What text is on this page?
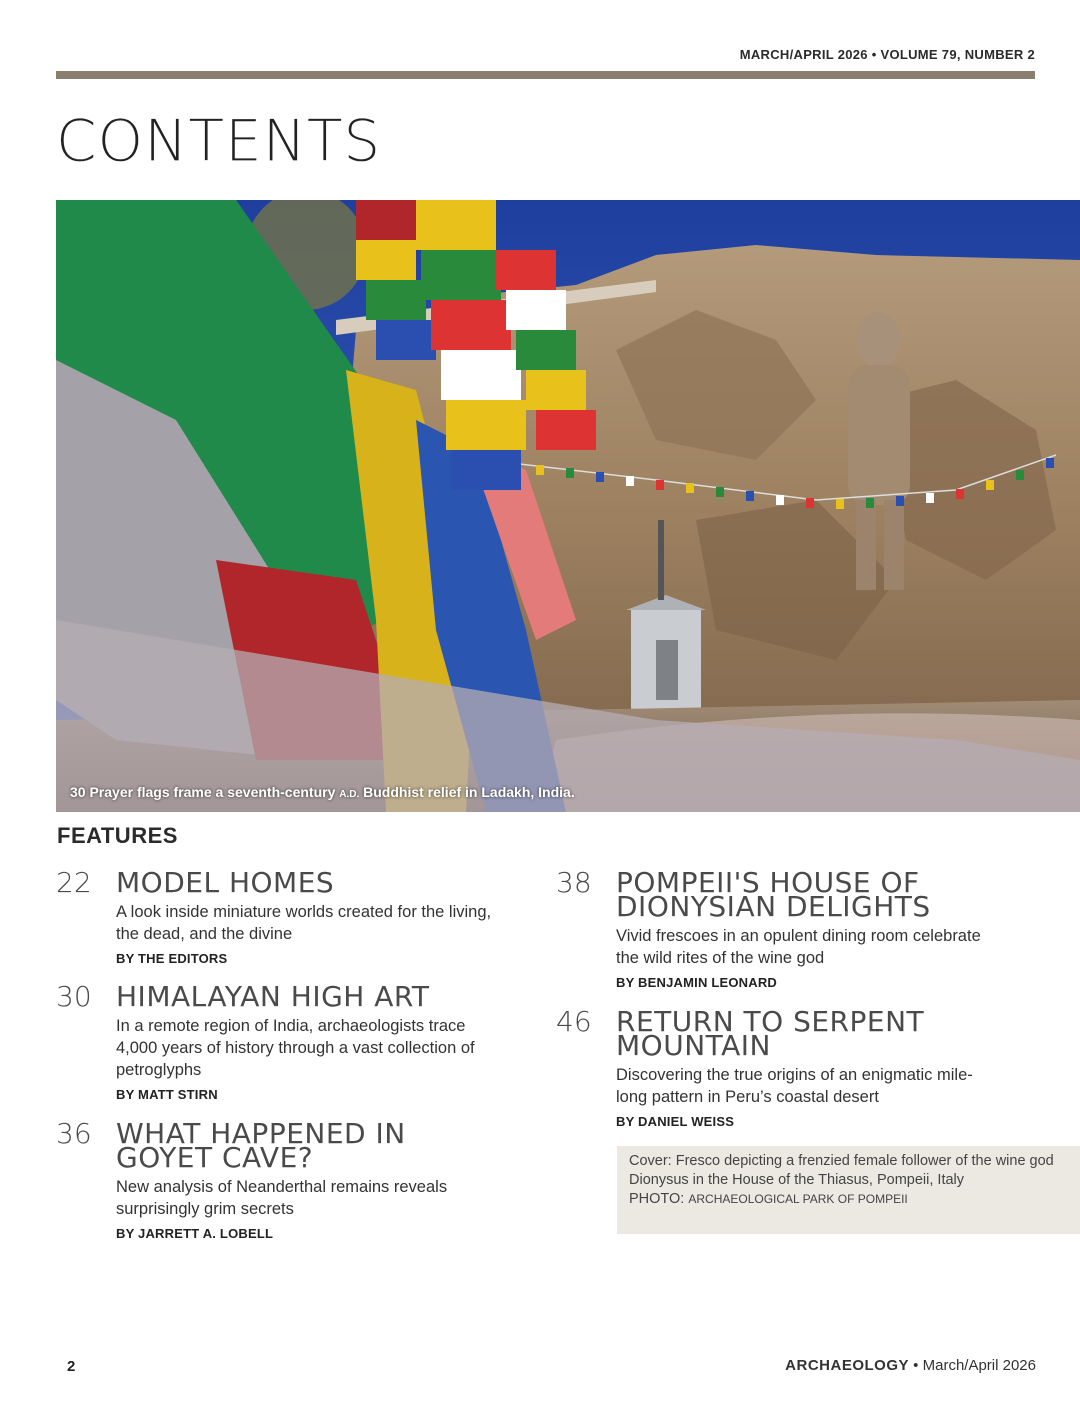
MARCH/APRIL 2026 • VOLUME 79, NUMBER 2
CONTENTS
30 Prayer flags frame a seventh-century A.D. Buddhist relief in Ladakh, India.
FEATURES
22 MODEL HOMES
A look inside miniature worlds created for the living, the dead, and the divine
BY THE EDITORS
30 HIMALAYAN HIGH ART
In a remote region of India, archaeologists trace 4,000 years of history through a vast collection of petroglyphs
BY MATT STIRN
36 WHAT HAPPENED IN GOYET CAVE?
New analysis of Neanderthal remains reveals surprisingly grim secrets
BY JARRETT A. LOBELL
38 POMPEII'S HOUSE OF DIONYSIAN DELIGHTS
Vivid frescoes in an opulent dining room celebrate the wild rites of the wine god
BY BENJAMIN LEONARD
46 RETURN TO SERPENT MOUNTAIN
Discovering the true origins of an enigmatic mile-long pattern in Peru’s coastal desert
BY DANIEL WEISS
Cover: Fresco depicting a frenzied female follower of the wine god Dionysus in the House of the Thiasus, Pompeii, Italy
PHOTO: ARCHAEOLOGICAL PARK OF POMPEII
2	ARCHAEOLOGY • March/April 2026
